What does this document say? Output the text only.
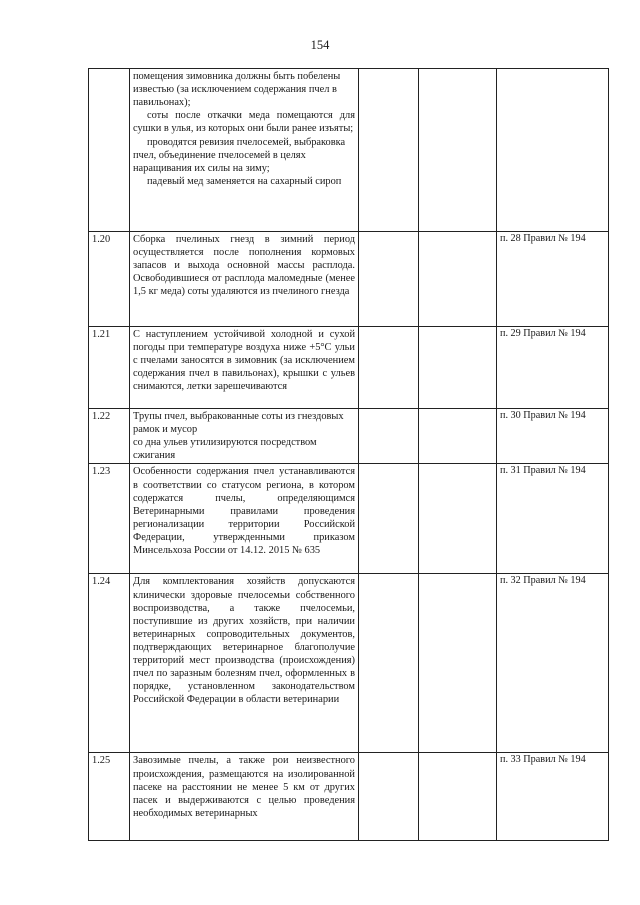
154

	помещения зимовника должны быть побелены известью (за исключением содержания пчел в павильонах);

соты после откачки меда помещаются для сушки в улья, из которых они были ранее изъяты;

проводятся ревизия пчелосемей, выбраковка пчел, объединение пчелосемей в целях наращивания их силы на зиму;

падевый мед заменяется на сахарный сироп			

1.20	Сборка пчелиных гнезд в зимний период осуществляется после пополнения кормовых запасов и выхода основной массы расплода. Освободившиеся от расплода маломедные (менее 1,5 кг меда) соты удаляются из пчелиного гнезда			п. 28 Правил № 194
1.21	С наступлением устойчивой холодной и сухой погоды при температуре воздуха ниже +5°С ульи с пчелами заносятся в зимовник (за исключением содержания пчел в павильонах), крышки с ульев снимаются, летки зарешечиваются			п. 29 Правил № 194
1.22	Трупы пчел, выбракованные соты из гнездовых рамок и мусор

со дна ульев утилизируются посредством сжигания			п. 30 Правил № 194
1.23	Особенности содержания пчел устанавливаются в соответствии со статусом региона, в котором содержатся пчелы, определяющимся Ветеринарными правилами проведения регионализации территории Российской Федерации, утвержденными приказом Минсельхоза России от 14.12. 2015 № 635			п. 31 Правил № 194
1.24	Для комплектования хозяйств допускаются клинически здоровые пчелосемьи собственного воспроизводства, а также пчелосемьи, поступившие из других хозяйств, при наличии ветеринарных сопроводительных документов, подтверждающих ветеринарное благополучие территорий мест производства (происхождения) пчел по заразным болезням пчел, оформленных в порядке, установленном законодательством Российской Федерации в области ветеринарии			п. 32 Правил № 194
1.25	Завозимые пчелы, а также рои неизвестного происхождения, размещаются на изолированной пасеке на расстоянии не менее 5 км от других пасек и выдерживаются с целью проведения необходимых ветеринарных			п. 33 Правил № 194
